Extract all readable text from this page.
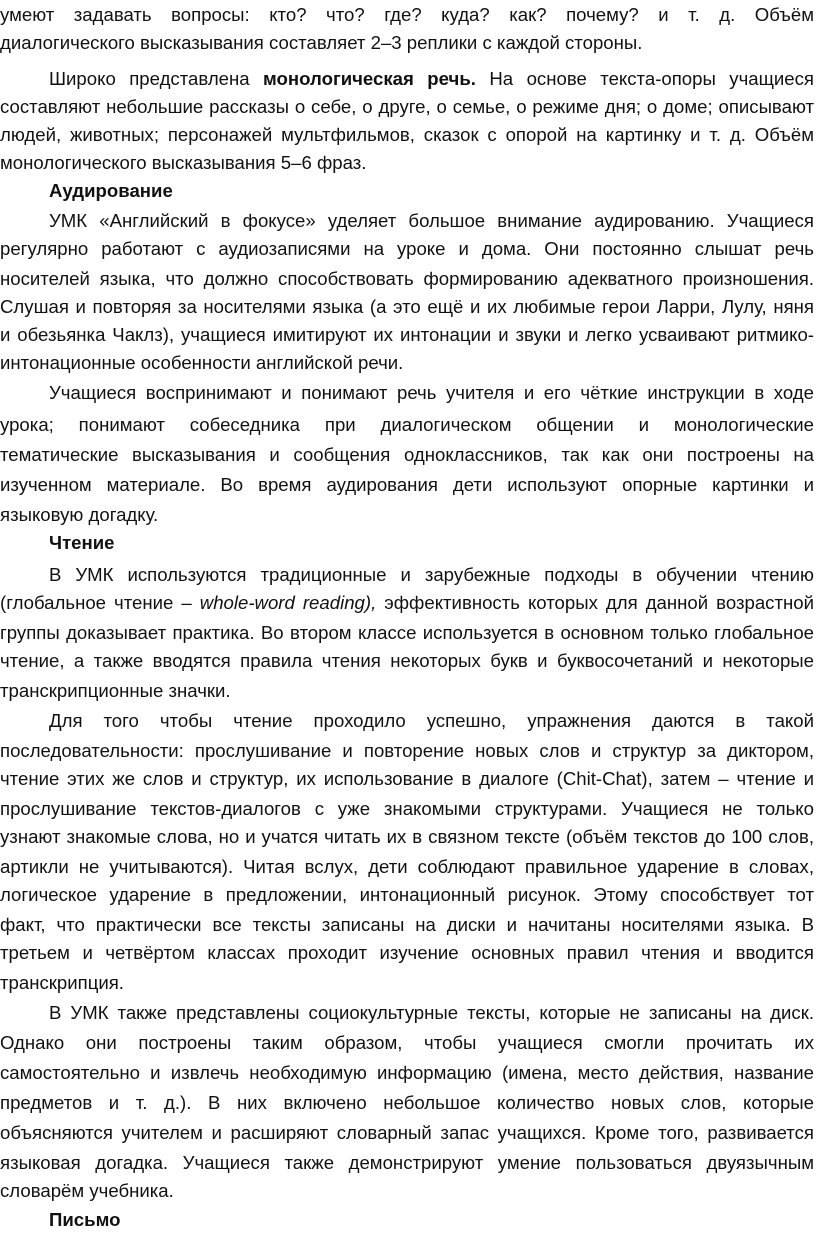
умеют задавать вопросы: кто? что? где? куда? как? почему? и т. д. Объём
диалогического высказывания составляет 2–3 реплики с каждой стороны.
Широко представлена монологическая речь. На основе текста-опоры учащиеся
составляют небольшие рассказы о себе, о друге, о семье, о режиме дня; о доме; описывают
людей, животных; персонажей мультфильмов, сказок с опорой на картинку и т. д. Объём
монологического высказывания 5–6 фраз.
Аудирование
УМК «Английский в фокусе» уделяет большое внимание аудированию. Учащиеся
регулярно работают с аудиозаписями на уроке и дома. Они постоянно слышат речь
носителей языка, что должно способствовать формированию адекватного произношения.
Слушая и повторяя за носителями языка (а это ещё и их любимые герои Ларри, Лулу, няня
и обезьянка Чаклз), учащиеся имитируют их интонации и звуки и легко усваивают ритмико-
интонационные особенности английской речи.
Учащиеся воспринимают и понимают речь учителя и его чёткие инструкции в ходе
урока; понимают собеседника при диалогическом общении и монологические
тематические высказывания и сообщения одноклассников, так как они построены на
изученном материале. Во время аудирования дети используют опорные картинки и
языковую догадку.
Чтение
В УМК используются традиционные и зарубежные подходы в обучении чтению
(глобальное чтение – whole-word reading), эффективность которых для данной возрастной
группы доказывает практика. Во втором классе используется в основном только глобальное
чтение, а также вводятся правила чтения некоторых букв и буквосочетаний и некоторые
транскрипционные значки.
Для того чтобы чтение проходило успешно, упражнения даются в такой
последовательности: прослушивание и повторение новых слов и структур за диктором,
чтение этих же слов и структур, их использование в диалоге (Chit-Chat), затем – чтение и
прослушивание текстов-диалогов с уже знакомыми структурами. Учащиеся не только
узнают знакомые слова, но и учатся читать их в связном тексте (объём текстов до 100 слов,
артикли не учитываются). Читая вслух, дети соблюдают правильное ударение в словах,
логическое ударение в предложении, интонационный рисунок. Этому способствует тот
факт, что практически все тексты записаны на диски и начитаны носителями языка. В
третьем и четвёртом классах проходит изучение основных правил чтения и вводится
транскрипция.
В УМК также представлены социокультурные тексты, которые не записаны на диск.
Однако они построены таким образом, чтобы учащиеся смогли прочитать их
самостоятельно и извлечь необходимую информацию (имена, место действия, название
предметов и т. д.). В них включено небольшое количество новых слов, которые
объясняются учителем и расширяют словарный запас учащихся. Кроме того, развивается
языковая догадка. Учащиеся также демонстрируют умение пользоваться двуязычным
словарём учебника.
Письмо
